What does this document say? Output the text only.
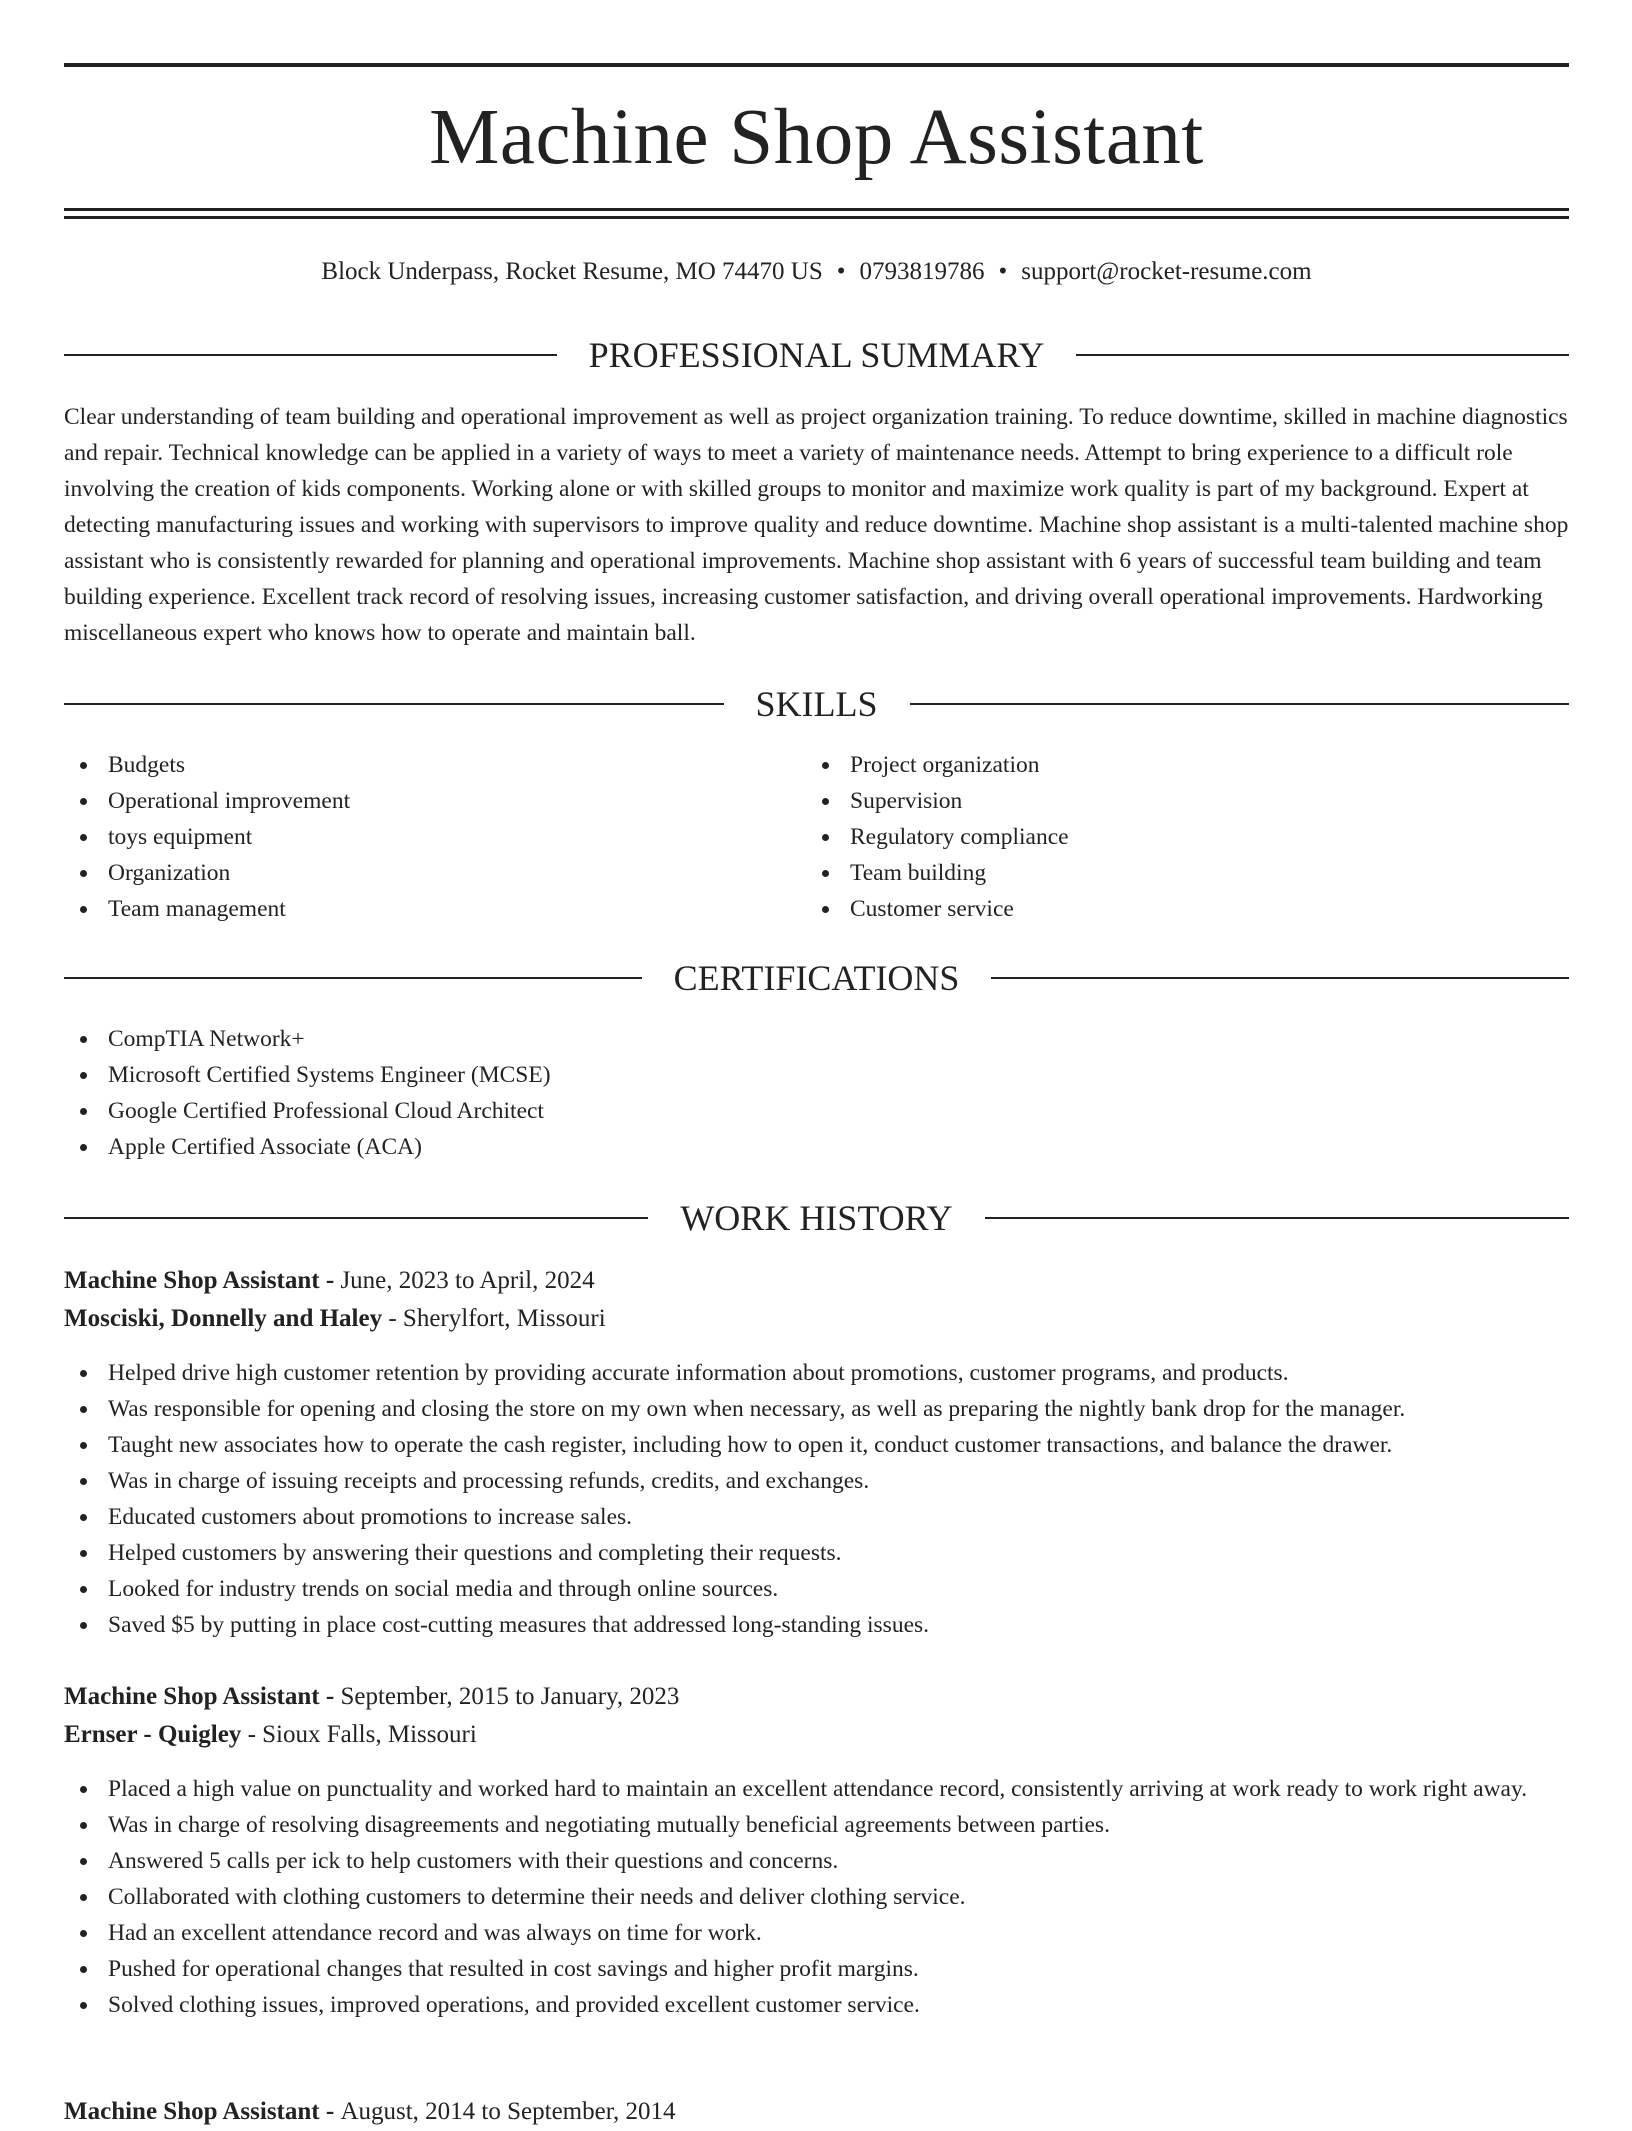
Machine Shop Assistant
Block Underpass, Rocket Resume, MO 74470 US • 0793819786 • support@rocket-resume.com
PROFESSIONAL SUMMARY
Clear understanding of team building and operational improvement as well as project organization training. To reduce downtime, skilled in machine diagnostics and repair. Technical knowledge can be applied in a variety of ways to meet a variety of maintenance needs. Attempt to bring experience to a difficult role involving the creation of kids components. Working alone or with skilled groups to monitor and maximize work quality is part of my background. Expert at detecting manufacturing issues and working with supervisors to improve quality and reduce downtime. Machine shop assistant is a multi-talented machine shop assistant who is consistently rewarded for planning and operational improvements. Machine shop assistant with 6 years of successful team building and team building experience. Excellent track record of resolving issues, increasing customer satisfaction, and driving overall operational improvements. Hardworking miscellaneous expert who knows how to operate and maintain ball.
SKILLS
Budgets
Operational improvement
toys equipment
Organization
Team management
Project organization
Supervision
Regulatory compliance
Team building
Customer service
CERTIFICATIONS
CompTIA Network+
Microsoft Certified Systems Engineer (MCSE)
Google Certified Professional Cloud Architect
Apple Certified Associate (ACA)
WORK HISTORY
Machine Shop Assistant - June, 2023 to April, 2024
Mosciski, Donnelly and Haley - Sherylfort, Missouri
Helped drive high customer retention by providing accurate information about promotions, customer programs, and products.
Was responsible for opening and closing the store on my own when necessary, as well as preparing the nightly bank drop for the manager.
Taught new associates how to operate the cash register, including how to open it, conduct customer transactions, and balance the drawer.
Was in charge of issuing receipts and processing refunds, credits, and exchanges.
Educated customers about promotions to increase sales.
Helped customers by answering their questions and completing their requests.
Looked for industry trends on social media and through online sources.
Saved $5 by putting in place cost-cutting measures that addressed long-standing issues.
Machine Shop Assistant - September, 2015 to January, 2023
Ernser - Quigley - Sioux Falls, Missouri
Placed a high value on punctuality and worked hard to maintain an excellent attendance record, consistently arriving at work ready to work right away.
Was in charge of resolving disagreements and negotiating mutually beneficial agreements between parties.
Answered 5 calls per ick to help customers with their questions and concerns.
Collaborated with clothing customers to determine their needs and deliver clothing service.
Had an excellent attendance record and was always on time for work.
Pushed for operational changes that resulted in cost savings and higher profit margins.
Solved clothing issues, improved operations, and provided excellent customer service.
Machine Shop Assistant - August, 2014 to September, 2014
